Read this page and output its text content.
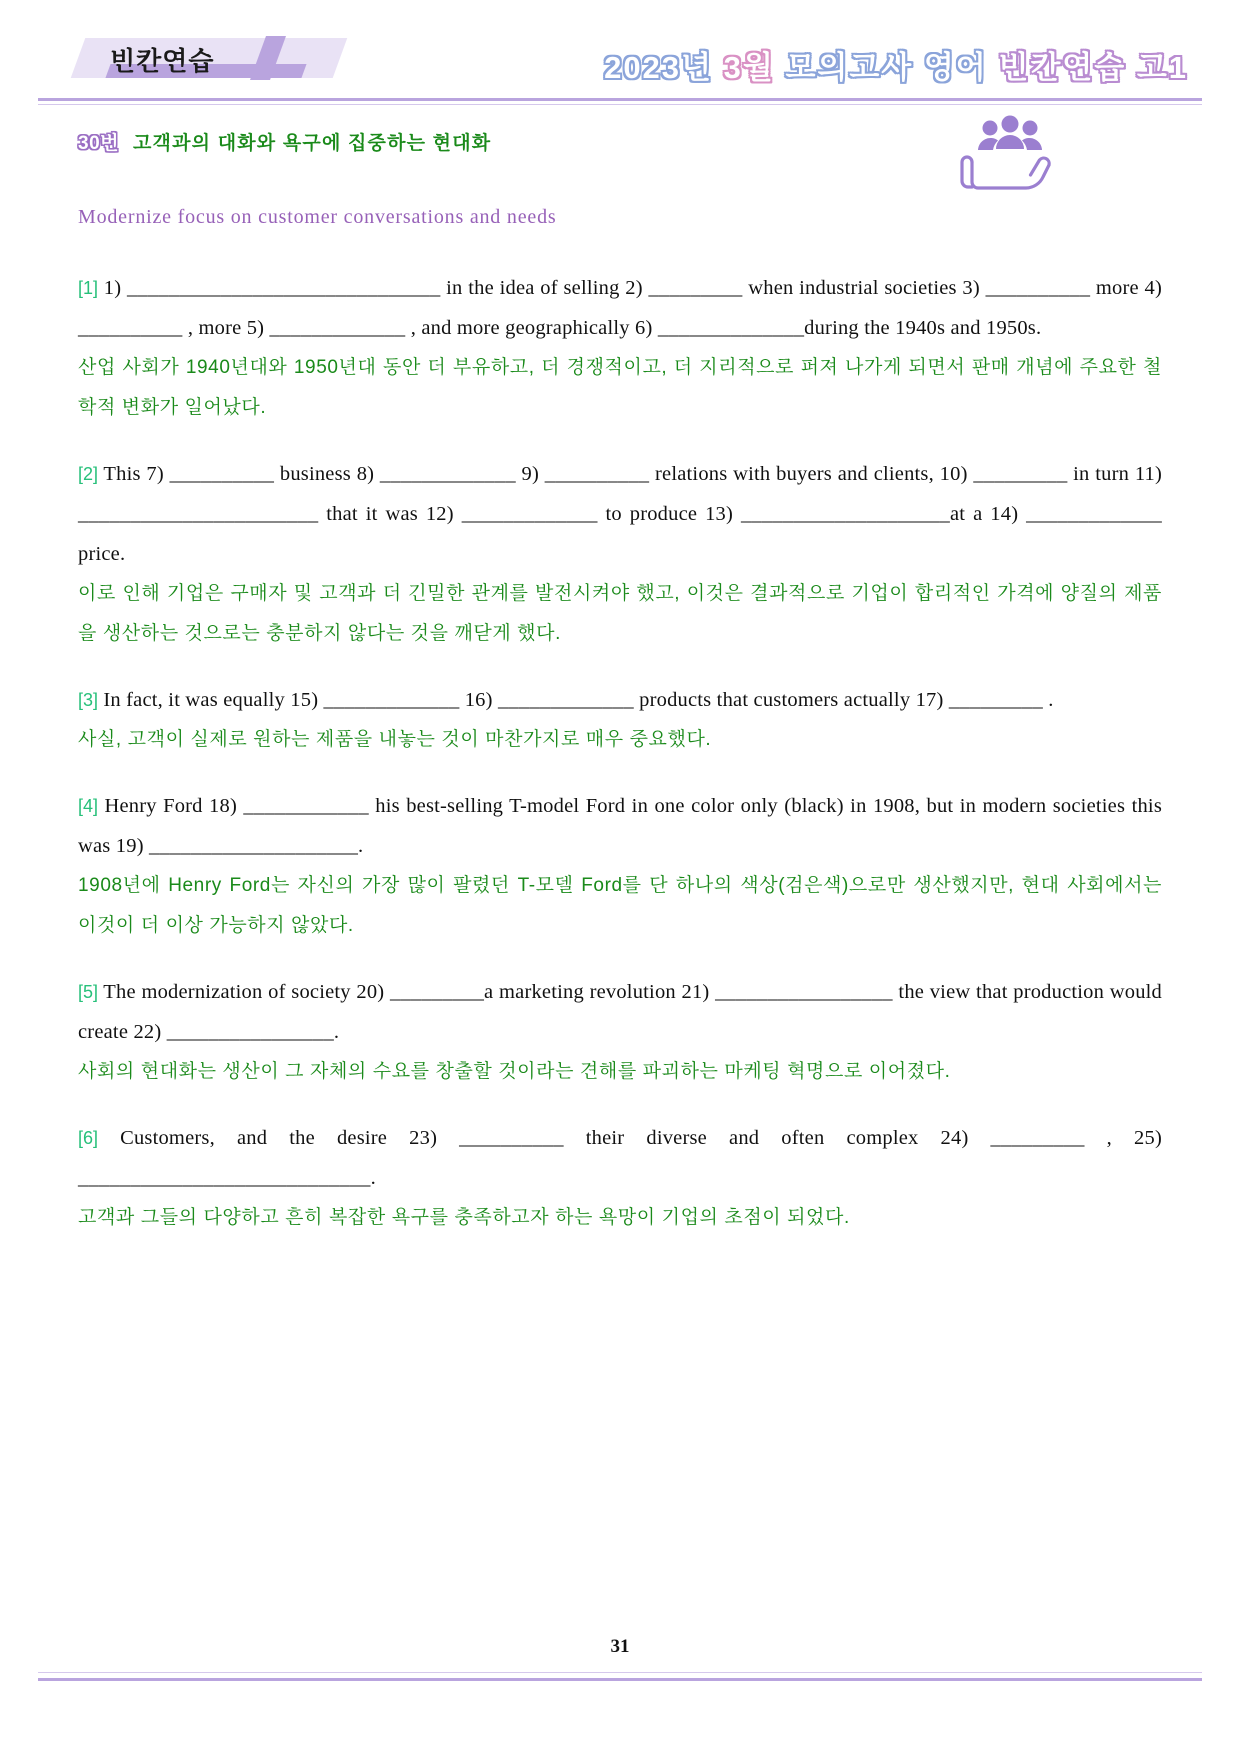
빈칸연습	2023년 3월 모의고사 영어 빈칸연습 고1
30번 고객과의 대화와 욕구에 집중하는 현대화
Modernize focus on customer conversations and needs

[1] 1) ______________________________ in the idea of selling 2) _________ when industrial societies 3) __________ more 4) __________ , more 5) _____________ , and more geographically 6) ______________during the 1940s and 1950s.

산업 사회가 1940년대와 1950년대 동안 더 부유하고, 더 경쟁적이고, 더 지리적으로 퍼져 나가게 되면서 판매 개념에 주요한 철학적 변화가 일어났다.

[2] This 7) __________ business 8) _____________ 9) __________ relations with buyers and clients, 10) _________ in turn 11) _______________________ that it was 12) _____________ to produce 13) ____________________at a 14) _____________ price.

이로 인해 기업은 구매자 및 고객과 더 긴밀한 관계를 발전시켜야 했고, 이것은 결과적으로 기업이 합리적인 가격에 양질의 제품을 생산하는 것으로는 충분하지 않다는 것을 깨닫게 했다.

[3] In fact, it was equally 15) _____________ 16) _____________ products that customers actually 17) _________ .

사실, 고객이 실제로 원하는 제품을 내놓는 것이 마찬가지로 매우 중요했다.

[4] Henry Ford 18) ____________ his best-selling T-model Ford in one color only (black) in 1908, but in modern societies this was 19) ____________________.

1908년에 Henry Ford는 자신의 가장 많이 팔렸던 T-모델 Ford를 단 하나의 색상(검은색)으로만 생산했지만, 현대 사회에서는 이것이 더 이상 가능하지 않았다.

[5] The modernization of society 20) _________a marketing revolution 21) _________________ the view that production would create 22) ________________.

사회의 현대화는 생산이 그 자체의 수요를 창출할 것이라는 견해를 파괴하는 마케팅 혁명으로 이어졌다.

[6] Customers, and the desire 23) __________ their diverse and often complex 24) _________ , 25) ____________________________.

고객과 그들의 다양하고 흔히 복잡한 욕구를 충족하고자 하는 욕망이 기업의 초점이 되었다.

31
